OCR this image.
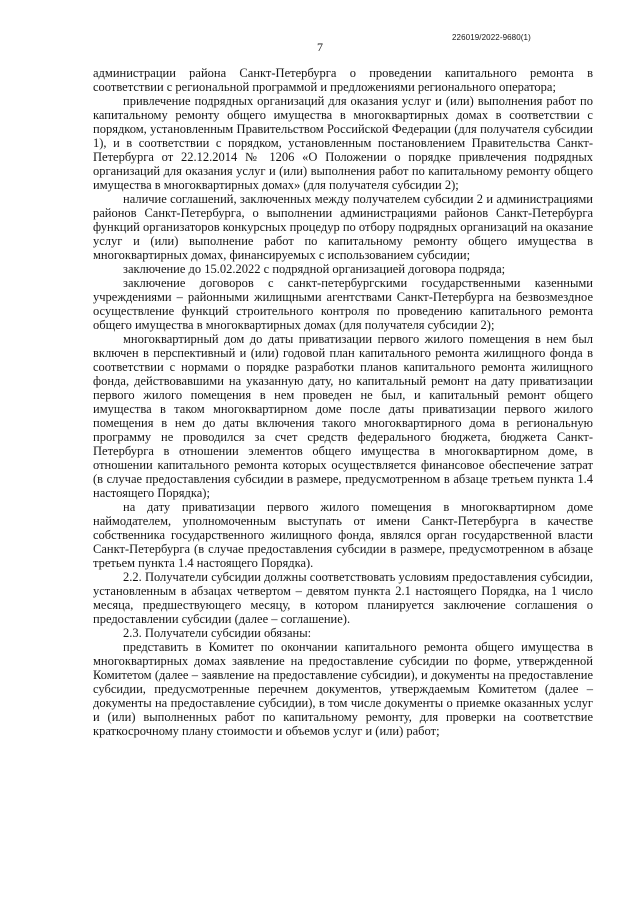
226019/2022-9680(1)
7

администрации района Санкт-Петербурга о проведении капитального ремонта в соответствии с региональной программой и предложениями регионального оператора;

привлечение подрядных организаций для оказания услуг и (или) выполнения работ по капитальному ремонту общего имущества в многоквартирных домах в соответствии с порядком, установленным Правительством Российской Федерации (для получателя субсидии 1), и в соответствии с порядком, установленным постановлением Правительства Санкт-Петербурга от 22.12.2014 № 1206 «О Положении о порядке привлечения подрядных организаций для оказания услуг и (или) выполнения работ по капитальному ремонту общего имущества в многоквартирных домах» (для получателя субсидии 2);

наличие соглашений, заключенных между получателем субсидии 2 и администрациями районов Санкт-Петербурга, о выполнении администрациями районов Санкт-Петербурга функций организаторов конкурсных процедур по отбору подрядных организаций на оказание услуг и (или) выполнение работ по капитальному ремонту общего имущества в многоквартирных домах, финансируемых с использованием субсидии;

заключение до 15.02.2022 с подрядной организацией договора подряда;

заключение договоров с санкт-петербургскими государственными казенными учреждениями – районными жилищными агентствами Санкт-Петербурга на безвозмездное осуществление функций строительного контроля по проведению капитального ремонта общего имущества в многоквартирных домах (для получателя субсидии 2);

многоквартирный дом до даты приватизации первого жилого помещения в нем был включен в перспективный и (или) годовой план капитального ремонта жилищного фонда в соответствии с нормами о порядке разработки планов капитального ремонта жилищного фонда, действовавшими на указанную дату, но капитальный ремонт на дату приватизации первого жилого помещения в нем проведен не был, и капитальный ремонт общего имущества в таком многоквартирном доме после даты приватизации первого жилого помещения в нем до даты включения такого многоквартирного дома в региональную программу не проводился за счет средств федерального бюджета, бюджета Санкт-Петербурга в отношении элементов общего имущества в многоквартирном доме, в отношении капитального ремонта которых осуществляется финансовое обеспечение затрат (в случае предоставления субсидии в размере, предусмотренном в абзаце третьем пункта 1.4 настоящего Порядка);

на дату приватизации первого жилого помещения в многоквартирном доме наймодателем, уполномоченным выступать от имени Санкт-Петербурга в качестве собственника государственного жилищного фонда, являлся орган государственной власти Санкт-Петербурга (в случае предоставления субсидии в размере, предусмотренном в абзаце третьем пункта 1.4 настоящего Порядка).

2.2. Получатели субсидии должны соответствовать условиям предоставления субсидии, установленным в абзацах четвертом – девятом пункта 2.1 настоящего Порядка, на 1 число месяца, предшествующего месяцу, в котором планируется заключение соглашения о предоставлении субсидии (далее – соглашение).

2.3. Получатели субсидии обязаны:

представить в Комитет по окончании капитального ремонта общего имущества в многоквартирных домах заявление на предоставление субсидии по форме, утвержденной Комитетом (далее – заявление на предоставление субсидии), и документы на предоставление субсидии, предусмотренные перечнем документов, утверждаемым Комитетом (далее – документы на предоставление субсидии), в том числе документы о приемке оказанных услуг и (или) выполненных работ по капитальному ремонту, для проверки на соответствие краткосрочному плану стоимости и объемов услуг и (или) работ;
